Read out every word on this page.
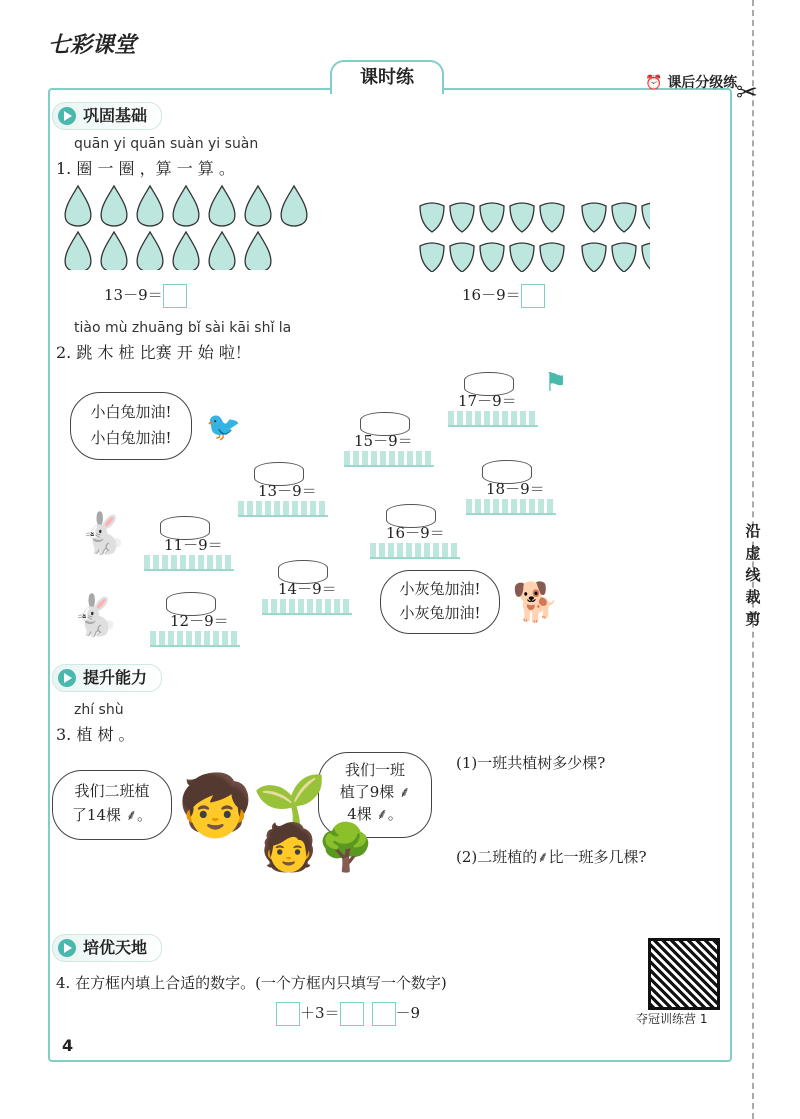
✂
沿
虚
线
裁
剪
七彩课堂
课时练	⏰ 课后分级练
巩固基础
quān yi quān suàn yi suàn
1. 圈 一 圈 ，算 一 算 。
13－9＝	16－9＝
tiào mù zhuāng bǐ sài kāi shǐ la
2. 跳 木 桩 比赛 开 始 啦！
小白兔加油!
小白兔加油!	🐦
🐇
🐇
⚑
小灰兔加油!
小灰兔加油! 🐕
17－9＝
15－9＝
18－9＝
13－9＝
16－9＝
11－9＝
14－9＝
12－9＝
提升能力
zhí shù
3. 植 树 。
我们二班植
了14棵 ⸙。
我们一班
植了9棵 ⸙
4棵 ⸙。
🧒🌱
🧑🌳
(1)一班共植树多少棵?
(2)二班植的⸙比一班多几棵?
培优天地
4. 在方框内填上合适的数字。(一个方框内只填写一个数字)
＋3＝	－9	夺冠训练营 1
4
